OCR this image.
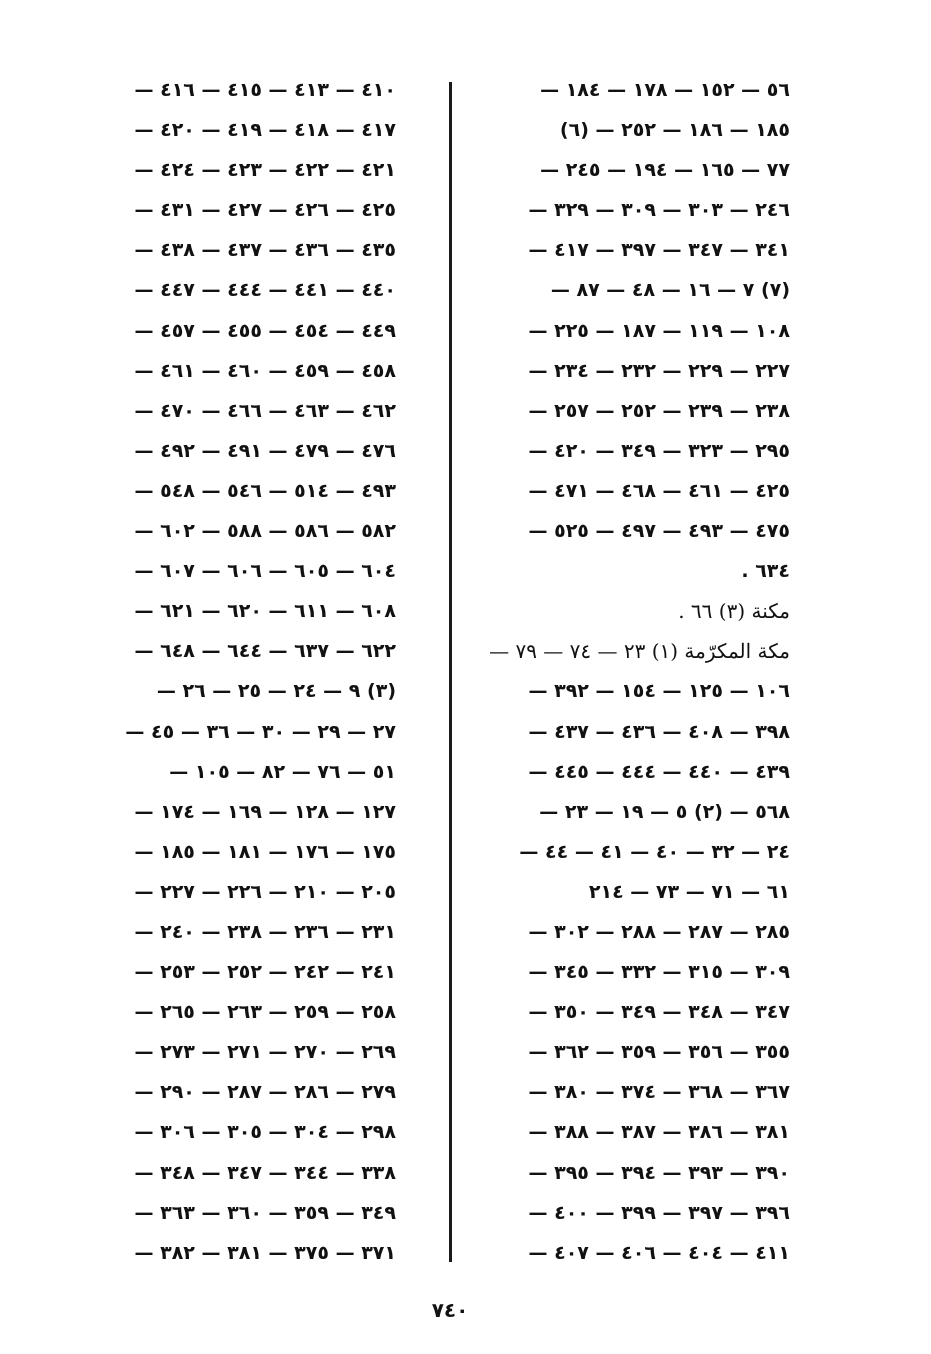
٥٦ — ١٥٢ — ١٧٨ — ١٨٤ —
١٨٥ — ١٨٦ — ٢٥٢ — (٦)
٧٧ — ١٦٥ — ١٩٤ — ٢٤٥ —
٢٤٦ — ٣٠٣ — ٣٠٩ — ٣٢٩ —
٣٤١ — ٣٤٧ — ٣٩٧ — ٤١٧ —
(٧) ٧ — ١٦ — ٤٨ — ٨٧ —
١٠٨ — ١١٩ — ١٨٧ — ٢٢٥ —
٢٢٧ — ٢٢٩ — ٢٣٢ — ٢٣٤ —
٢٣٨ — ٢٣٩ — ٢٥٢ — ٢٥٧ —
٢٩٥ — ٣٢٣ — ٣٤٩ — ٤٢٠ —
٤٢٥ — ٤٦١ — ٤٦٨ — ٤٧١ —
٤٧٥ — ٤٩٣ — ٤٩٧ — ٥٢٥ —
٦٣٤ .
مكنة (٣) ٦٦ .
مكة المكرّمة (١) ٢٣ — ٧٤ — ٧٩ —
١٠٦ — ١٢٥ — ١٥٤ — ٣٩٢ —
٣٩٨ — ٤٠٨ — ٤٣٦ — ٤٣٧ —
٤٣٩ — ٤٤٠ — ٤٤٤ — ٤٤٥ —
٥٦٨ — (٢) ٥ — ١٩ — ٢٣ —
٢٤ — ٣٢ — ٤٠ — ٤١ — ٤٤ —
٦١ — ٧١ — ٧٣ — ٢١٤
٢٨٥ — ٢٨٧ — ٢٨٨ — ٣٠٢ —
٣٠٩ — ٣١٥ — ٣٣٢ — ٣٤٥ —
٣٤٧ — ٣٤٨ — ٣٤٩ — ٣٥٠ —
٣٥٥ — ٣٥٦ — ٣٥٩ — ٣٦٢ —
٣٦٧ — ٣٦٨ — ٣٧٤ — ٣٨٠ —
٣٨١ — ٣٨٦ — ٣٨٧ — ٣٨٨ —
٣٩٠ — ٣٩٣ — ٣٩٤ — ٣٩٥ —
٣٩٦ — ٣٩٧ — ٣٩٩ — ٤٠٠ —
٤١١ — ٤٠٤ — ٤٠٦ — ٤٠٧ —
٤١٠ — ٤١٣ — ٤١٥ — ٤١٦ —
٤١٧ — ٤١٨ — ٤١٩ — ٤٢٠ —
٤٢١ — ٤٢٢ — ٤٢٣ — ٤٢٤ —
٤٢٥ — ٤٢٦ — ٤٢٧ — ٤٣١ —
٤٣٥ — ٤٣٦ — ٤٣٧ — ٤٣٨ —
٤٤٠ — ٤٤١ — ٤٤٤ — ٤٤٧ —
٤٤٩ — ٤٥٤ — ٤٥٥ — ٤٥٧ —
٤٥٨ — ٤٥٩ — ٤٦٠ — ٤٦١ —
٤٦٢ — ٤٦٣ — ٤٦٦ — ٤٧٠ —
٤٧٦ — ٤٧٩ — ٤٩١ — ٤٩٢ —
٤٩٣ — ٥١٤ — ٥٤٦ — ٥٤٨ —
٥٨٢ — ٥٨٦ — ٥٨٨ — ٦٠٢ —
٦٠٤ — ٦٠٥ — ٦٠٦ — ٦٠٧ —
٦٠٨ — ٦١١ — ٦٢٠ — ٦٢١ —
٦٢٢ — ٦٣٧ — ٦٤٤ — ٦٤٨ —
(٣) ٩ — ٢٤ — ٢٥ — ٢٦ —
٢٧ — ٢٩ — ٣٠ — ٣٦ — ٤٥ —
٥١ — ٧٦ — ٨٢ — ١٠٥ —
١٢٧ — ١٢٨ — ١٦٩ — ١٧٤ —
١٧٥ — ١٧٦ — ١٨١ — ١٨٥ —
٢٠٥ — ٢١٠ — ٢٢٦ — ٢٢٧ —
٢٣١ — ٢٣٦ — ٢٣٨ — ٢٤٠ —
٢٤١ — ٢٤٢ — ٢٥٢ — ٢٥٣ —
٢٥٨ — ٢٥٩ — ٢٦٣ — ٢٦٥ —
٢٦٩ — ٢٧٠ — ٢٧١ — ٢٧٣ —
٢٧٩ — ٢٨٦ — ٢٨٧ — ٢٩٠ —
٢٩٨ — ٣٠٤ — ٣٠٥ — ٣٠٦ —
٣٣٨ — ٣٤٤ — ٣٤٧ — ٣٤٨ —
٣٤٩ — ٣٥٩ — ٣٦٠ — ٣٦٣ —
٣٧١ — ٣٧٥ — ٣٨١ — ٣٨٢ —
٧٤٠
